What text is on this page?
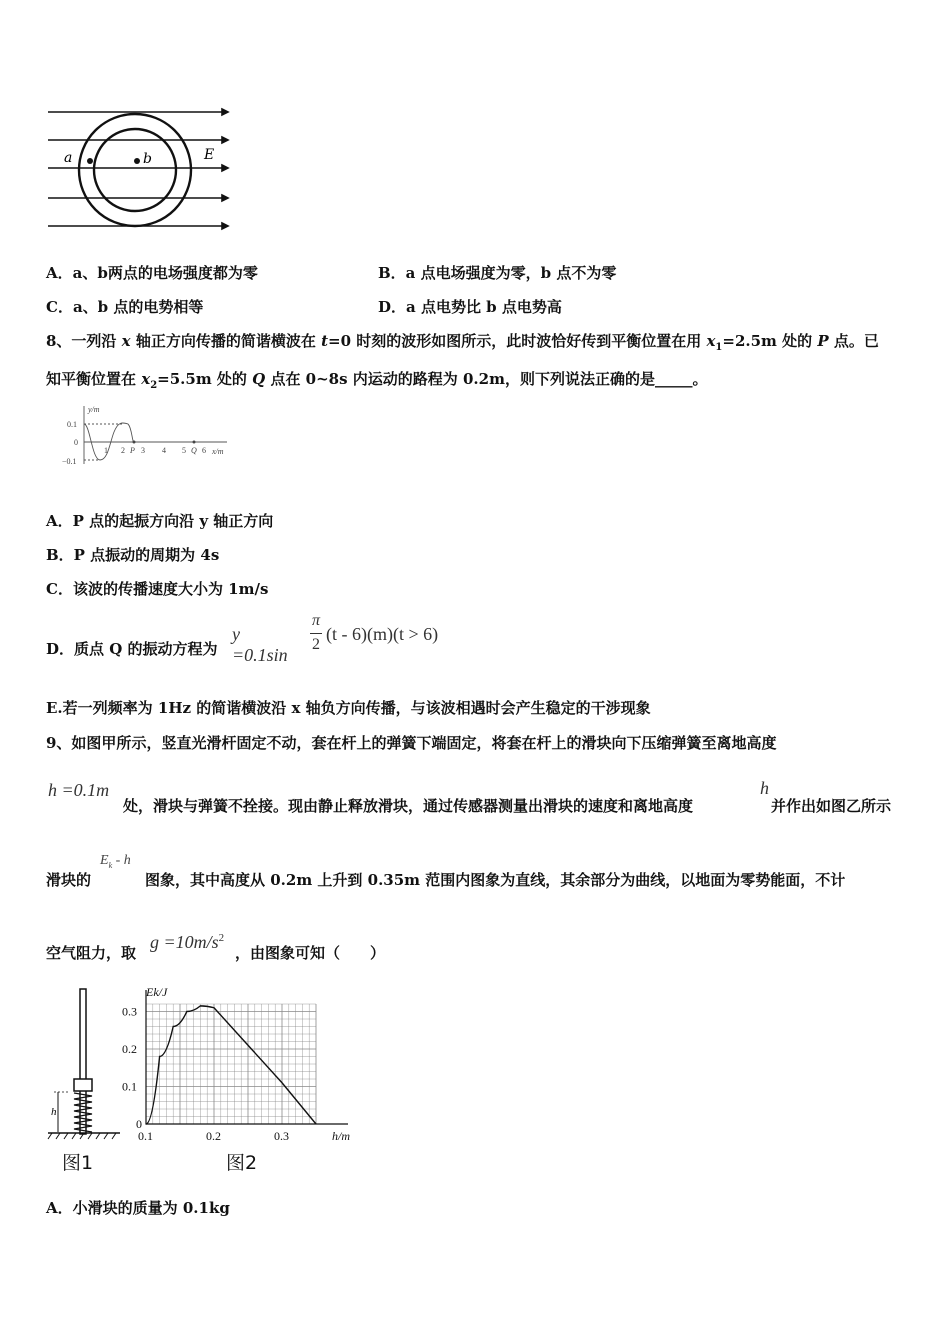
a	b	E
A．a、b两点的电场强度都为零	B．a 点电场强度为零，b 点不为零
C．a、b 点的电势相等	D．a 点电势比 b 点电势高
8、一列沿 x 轴正方向传播的简谐横波在 t=0 时刻的波形如图所示，此时波恰好传到平衡位置在用 $x_1=2.5m$ 处的 P 点。已
知平衡位置在 $x_2=5.5m$ 处的 Q 点在 0~8s 内运动的路程为 0.2m，则下列说法正确的是_____。
y/m
x/m
0.1
0
−0.1
1 2 P 3 4 5 Q 6
A．P 点的起振方向沿 y 轴正方向
B．P 点振动的周期为 4s
C．该波的传播速度大小为 1m/s
D．质点 Q 的振动方程为
y =0.1sin
π
2
(t - 6)(m)(t > 6)
E.若一列频率为 1Hz 的简谐横波沿 x 轴负方向传播，与该波相遇时会产生稳定的干涉现象
9、如图甲所示，竖直光滑杆固定不动，套在杆上的弹簧下端固定，将套在杆上的滑块向下压缩弹簧至离地高度
h =0.1m
处，滑块与弹簧不拴接。现由静止释放滑块，通过传感器测量出滑块的速度和离地高度
h
并作出如图乙所示
滑块的
$E_k$ - h
图象，其中高度从 0.2m 上升到 0.35m 范围内图象为直线，其余部分为曲线，以地面为零势能面，不计
空气阻力，取
$g =10m/s^2$
，由图象可知（　　）
h
Ek/J
h/m
0.3
0.2
0.1
0
0.1	0.2	0.3
图1	图2
A．小滑块的质量为 0.1kg
